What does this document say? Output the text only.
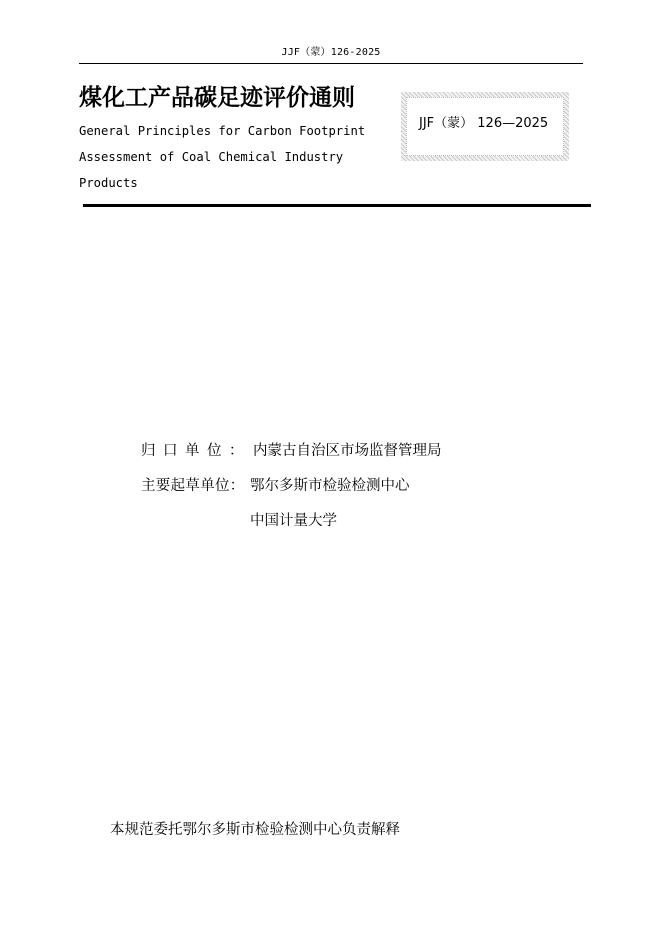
JJF（蒙）126-2025
煤化工产品碳足迹评价通则
General Principles for Carbon Footprint
Assessment of Coal Chemical Industry
Products
JJF（蒙） 126—2025
归口单位： 内蒙古自治区市场监督管理局
主要起草单位： 鄂尔多斯市检验检测中心
中国计量大学
本规范委托鄂尔多斯市检验检测中心负责解释
